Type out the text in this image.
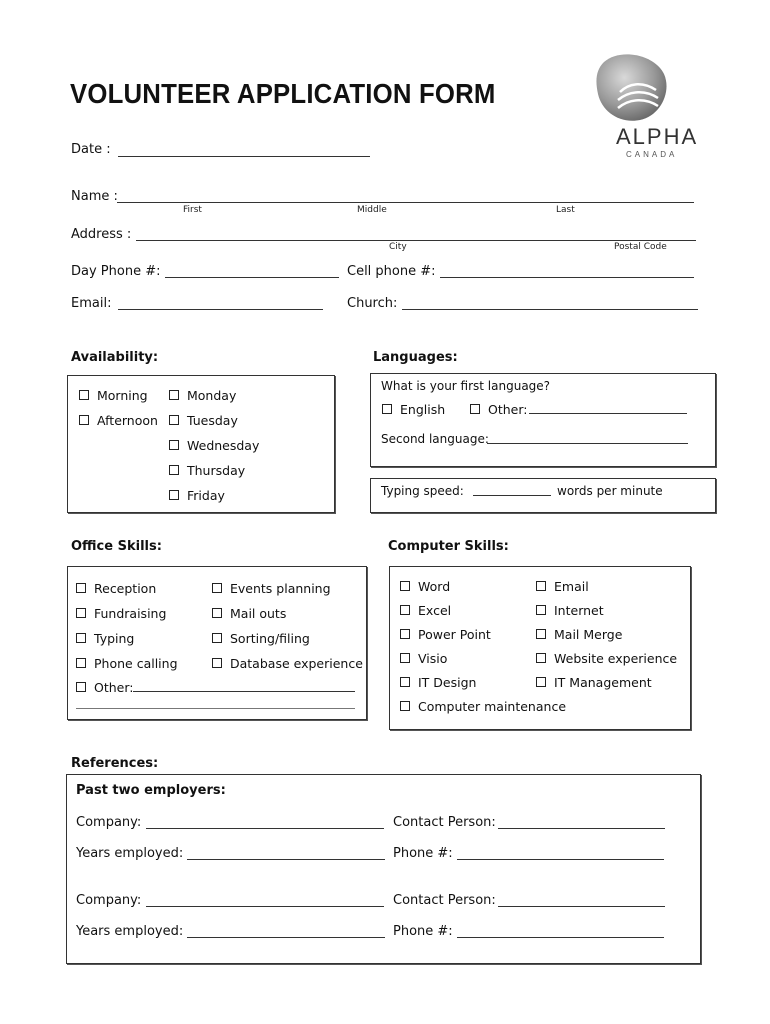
VOLUNTEER APPLICATION FORM
ALPHA
CANADA
Date :
Name :
First	Middle	Last
Address :
City	Postal Code
Day Phone #:	Cell phone #:
Email:	Church:
Availability:
Morning
Afternoon
Monday
Tuesday
Wednesday
Thursday
Friday
Languages:
What is your first language?
English	Other:
Second language:
Typing speed:	words per minute
Office Skills:
Reception
Fundraising
Typing
Phone calling
Events planning
Mail outs
Sorting/filing
Database experience
Other:
Computer Skills:
Word
Excel
Power Point
Visio
IT Design
Computer maintenance
Email
Internet
Mail Merge
Website experience
IT Management
References:
Past two employers:
Company:	Contact Person:
Years employed:	Phone #:
Company:	Contact Person:
Years employed:	Phone #:
